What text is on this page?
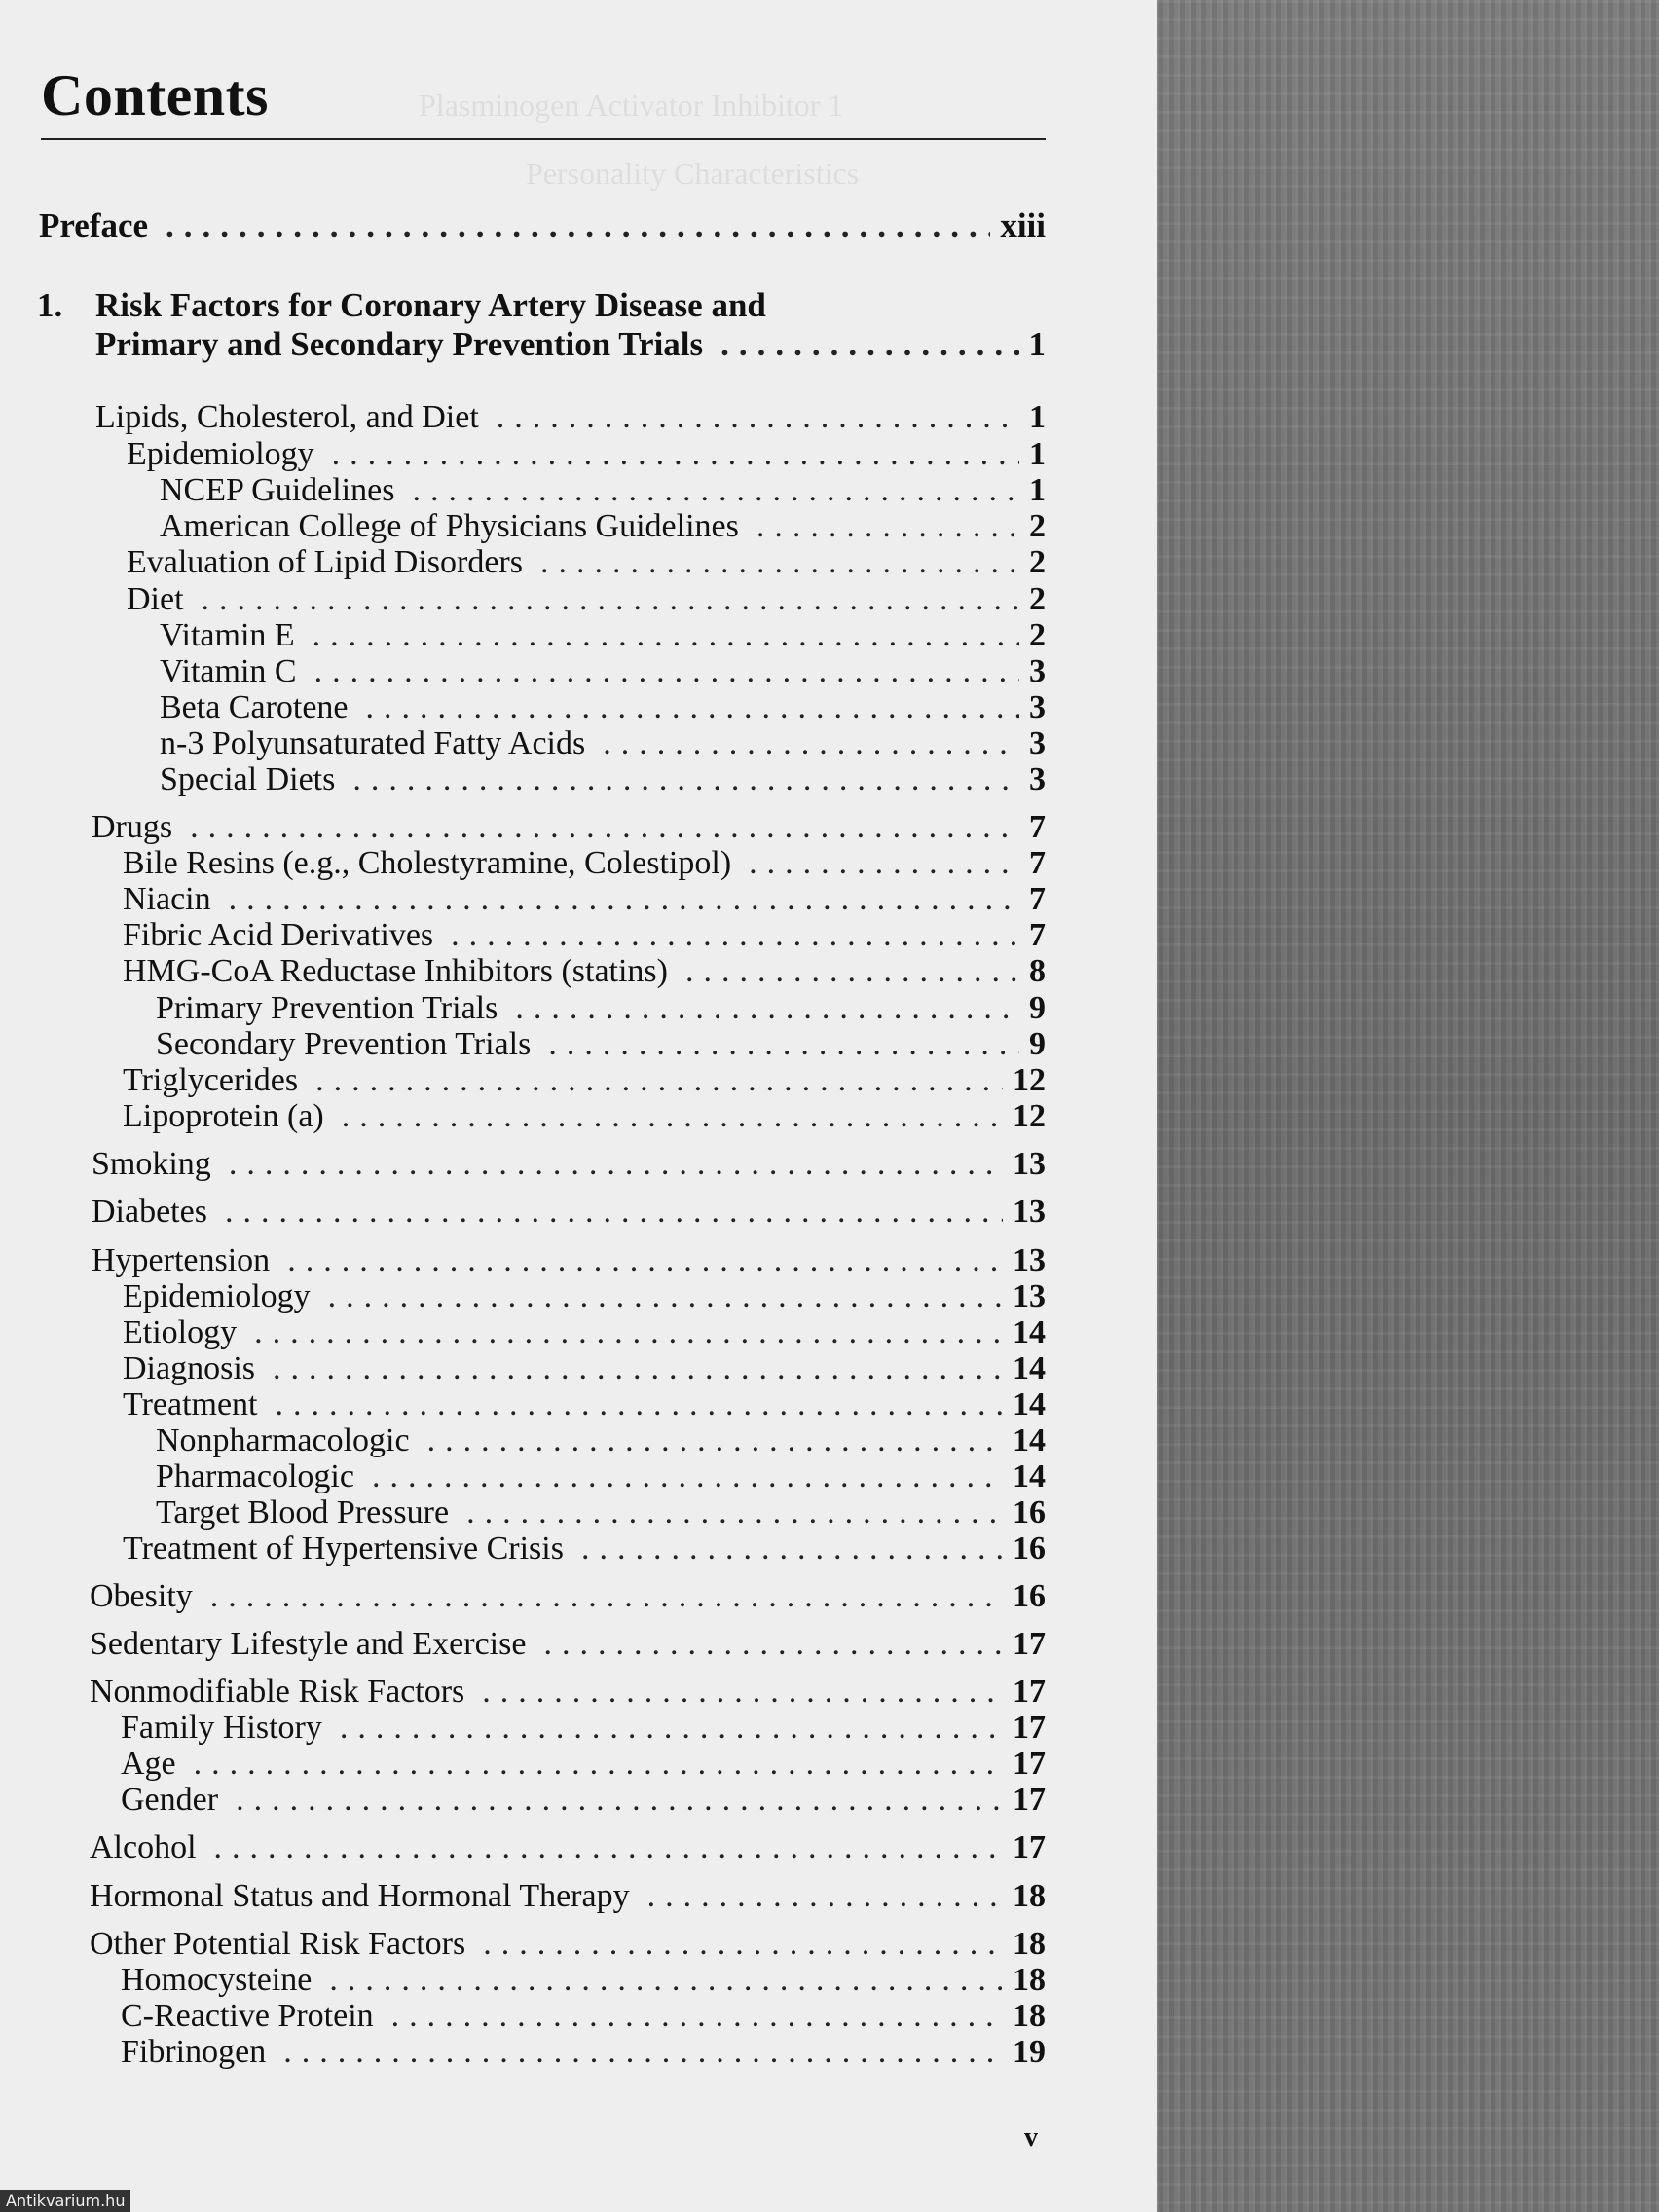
Plasminogen Activator Inhibitor 1
Personality Characteristics
Contents
Preface .....	xiii
1. Risk Factors for Coronary Artery Disease and
Primary and Secondary Prevention Trials .....	1
Lipids, Cholesterol, and Diet .....	1
Epidemiology .....	1
NCEP Guidelines .....	1
American College of Physicians Guidelines .....	2
Evaluation of Lipid Disorders .....	2
Diet .....	2
Vitamin E .....	2
Vitamin C .....	3
Beta Carotene .....	3
n-3 Polyunsaturated Fatty Acids .....	3
Special Diets .....	3
Drugs .....	7
Bile Resins (e.g., Cholestyramine, Colestipol) .....	7
Niacin .....	7
Fibric Acid Derivatives .....	7
HMG-CoA Reductase Inhibitors (statins) .....	8
Primary Prevention Trials .....	9
Secondary Prevention Trials .....	9
Triglycerides .....	12
Lipoprotein (a) .....	12
Smoking .....	13
Diabetes .....	13
Hypertension .....	13
Epidemiology .....	13
Etiology .....	14
Diagnosis .....	14
Treatment .....	14
Nonpharmacologic .....	14
Pharmacologic .....	14
Target Blood Pressure .....	16
Treatment of Hypertensive Crisis .....	16
Obesity .....	16
Sedentary Lifestyle and Exercise .....	17
Nonmodifiable Risk Factors .....	17
Family History .....	17
Age .....	17
Gender .....	17
Alcohol .....	17
Hormonal Status and Hormonal Therapy .....	18
Other Potential Risk Factors .....	18
Homocysteine .....	18
C-Reactive Protein .....	18
Fibrinogen .....	19
v
Antikvarium.hu
